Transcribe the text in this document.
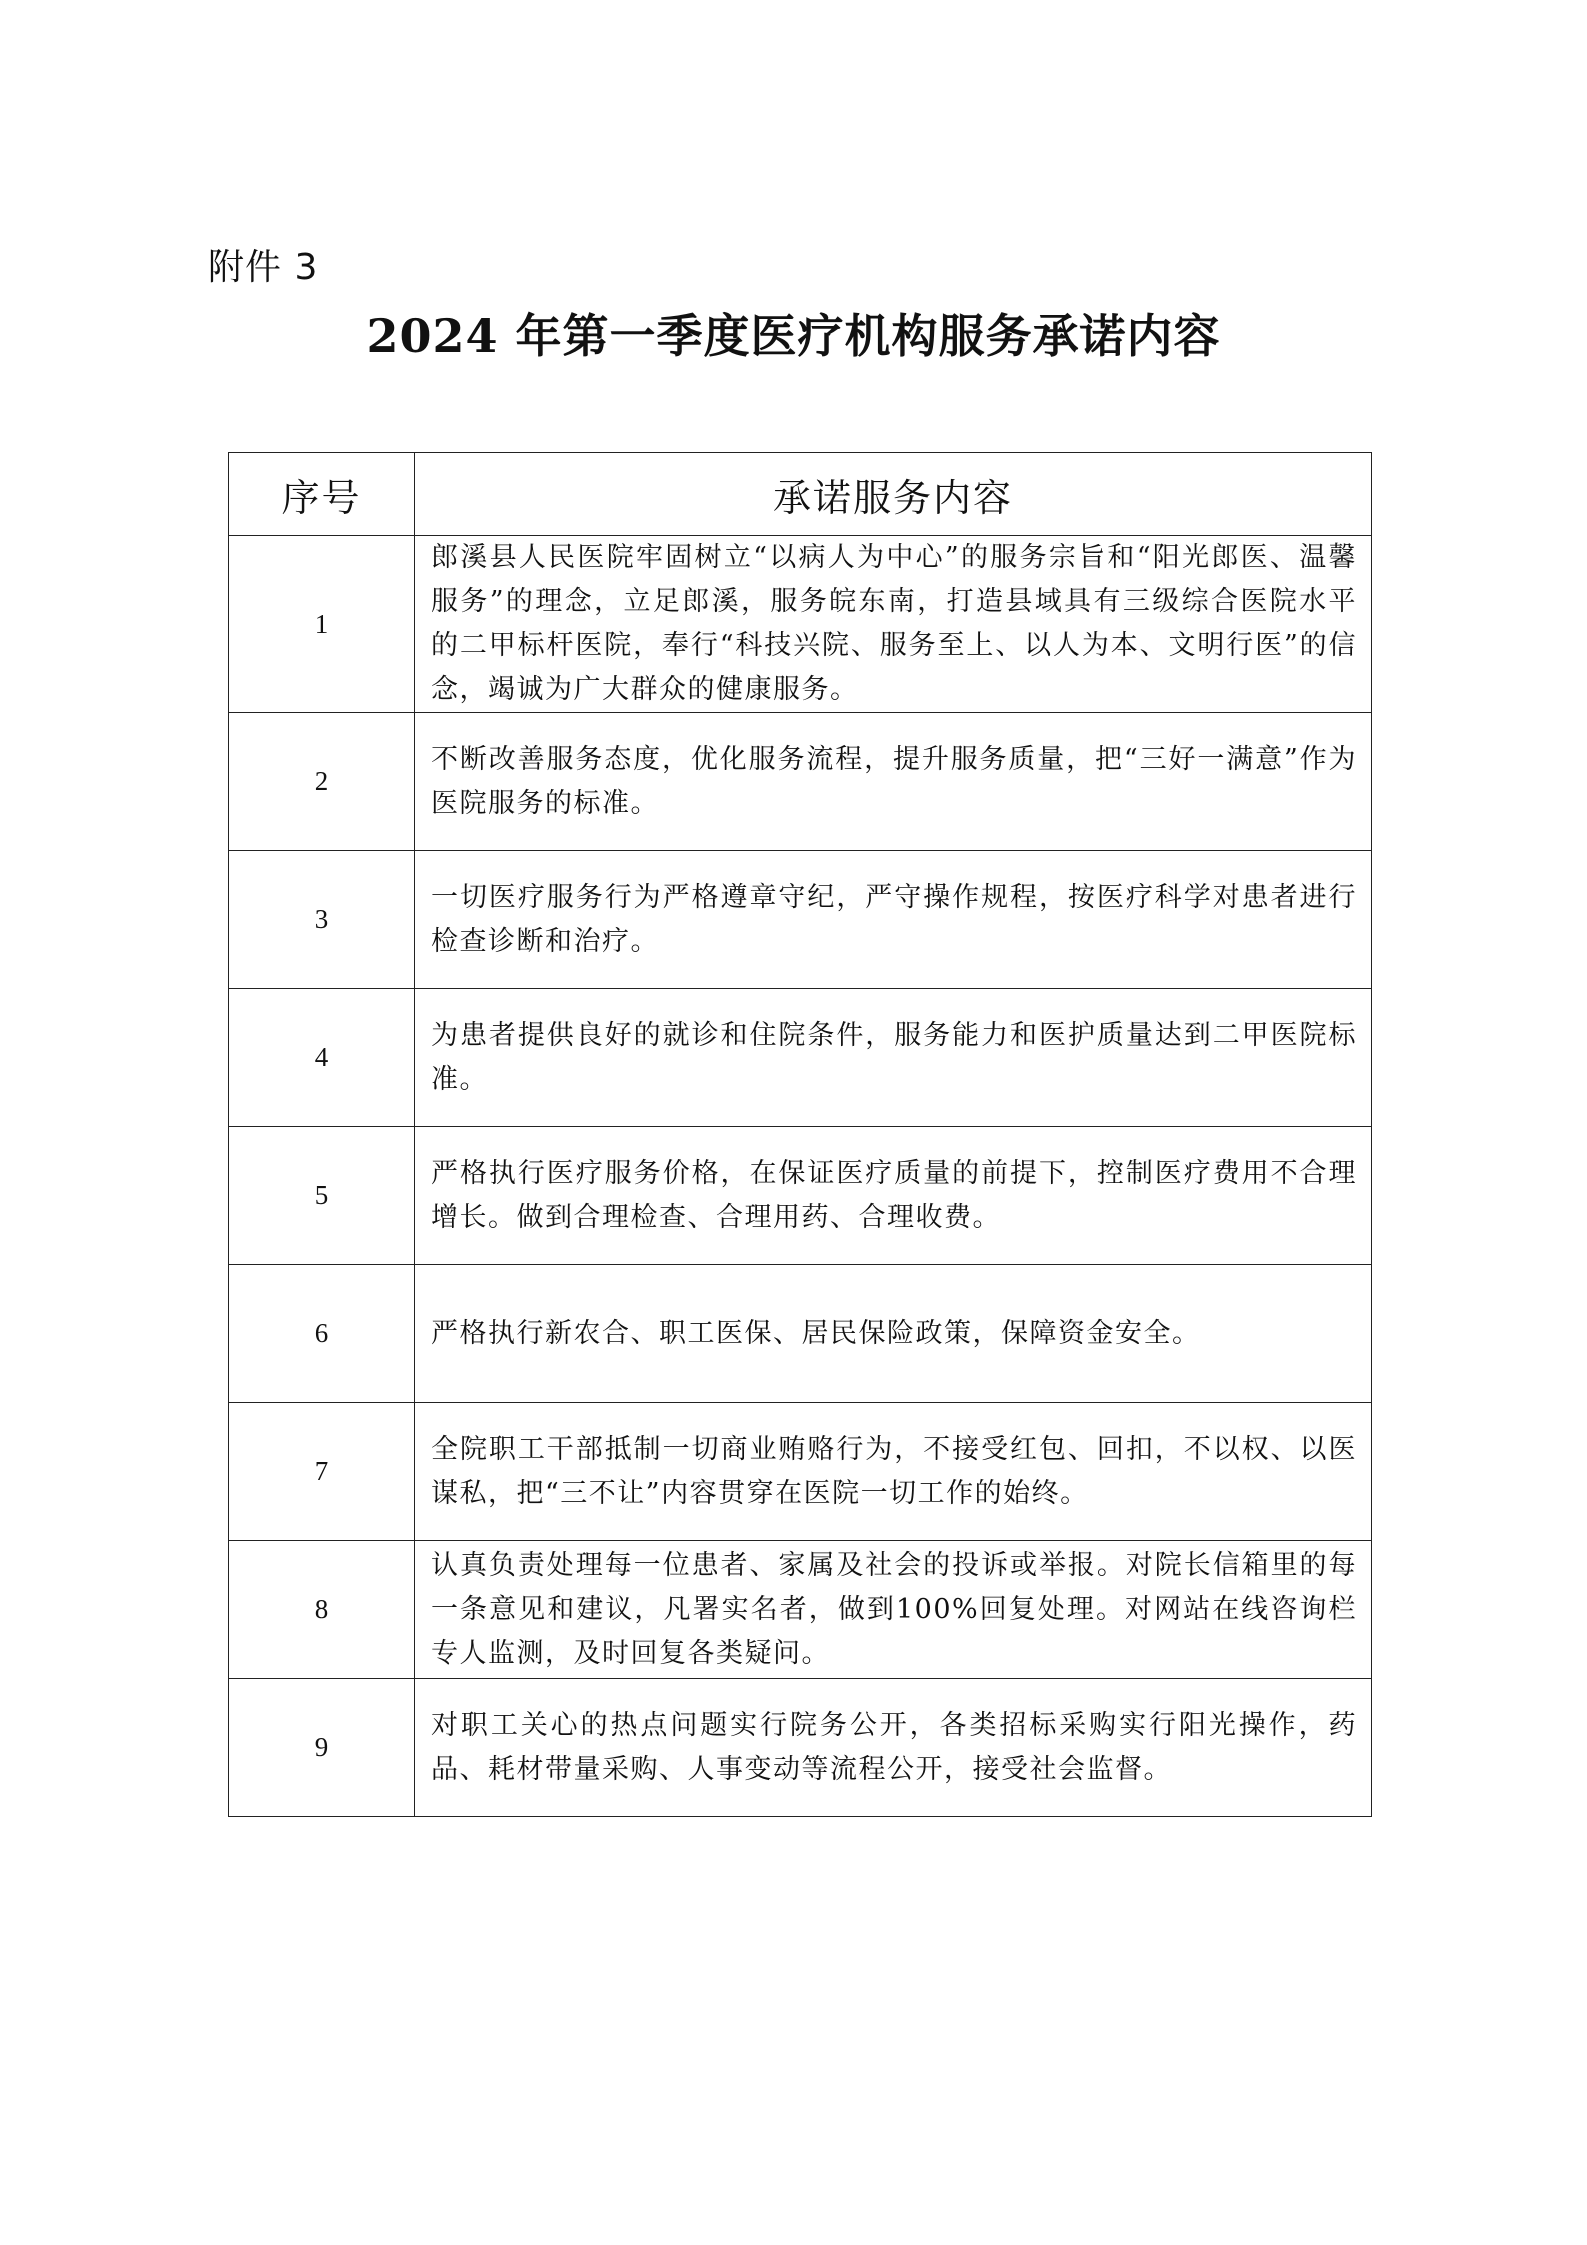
附件 3
2024 年第一季度医疗机构服务承诺内容
序号	承诺服务内容
1	郎溪县人民医院牢固树立“以病人为中心”的服务宗旨和“阳光郎医、温馨服务”的理念，立足郎溪，服务皖东南，打造县域具有三级综合医院水平的二甲标杆医院，奉行“科技兴院、服务至上、以人为本、文明行医”的信念，竭诚为广大群众的健康服务。
2	不断改善服务态度，优化服务流程，提升服务质量，把“三好一满意”作为医院服务的标准。
3	一切医疗服务行为严格遵章守纪，严守操作规程，按医疗科学对患者进行检查诊断和治疗。
4	为患者提供良好的就诊和住院条件，服务能力和医护质量达到二甲医院标准。
5	严格执行医疗服务价格，在保证医疗质量的前提下，控制医疗费用不合理增长。做到合理检查、合理用药、合理收费。
6	严格执行新农合、职工医保、居民保险政策，保障资金安全。
7	全院职工干部抵制一切商业贿赂行为，不接受红包、回扣，不以权、以医谋私，把“三不让”内容贯穿在医院一切工作的始终。
8	认真负责处理每一位患者、家属及社会的投诉或举报。对院长信箱里的每一条意见和建议，凡署实名者，做到100%回复处理。对网站在线咨询栏专人监测，及时回复各类疑问。
9	对职工关心的热点问题实行院务公开，各类招标采购实行阳光操作，药品、耗材带量采购、人事变动等流程公开，接受社会监督。
